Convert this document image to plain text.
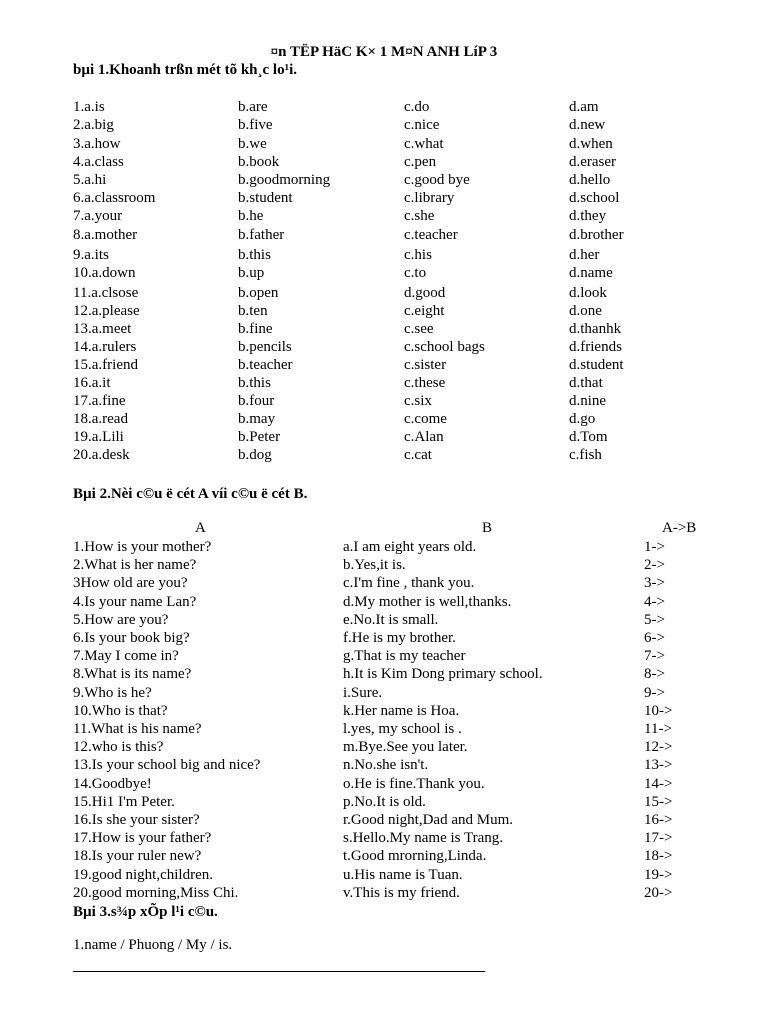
¤n TËP HäC K× 1 M¤N ANH LíP 3
bµi 1.Khoanh trßn mét tõ kh¸c lo¹i.
1.a.is	b.are	c.do	d.am
2.a.big	b.five	c.nice	d.new
3.a.how	b.we	c.what	d.when
4.a.class	b.book	c.pen	d.eraser
5.a.hi	b.goodmorning	c.good bye	d.hello
6.a.classroom	b.student	c.library	d.school
7.a.your	b.he	c.she	d.they
8.a.mother	b.father	c.teacher	d.brother
9.a.its	b.this	c.his	d.her
10.a.down	b.up	c.to	d.name
11.a.clsose	b.open	d.good	d.look
12.a.please	b.ten	c.eight	d.one
13.a.meet	b.fine	c.see	d.thanhk
14.a.rulers	b.pencils	c.school bags	d.friends
15.a.friend	b.teacher	c.sister	d.student
16.a.it	b.this	c.these	d.that
17.a.fine	b.four	c.six	d.nine
18.a.read	b.may	c.come	d.go
19.a.Lili	b.Peter	c.Alan	d.Tom
20.a.desk	b.dog	c.cat	c.fish
Bµi 2.Nèi c©u ë cét A víi c©u ë cét B.
A	B	A->B
1.How is your mother?	a.I am eight years old.	1->
2.What is her name?	b.Yes,it is.	2->
3How old are you?	c.I'm fine , thank you.	3->
4.Is your name Lan?	d.My mother is well,thanks.	4->
5.How are you?	e.No.It is small.	5->
6.Is your book big?	f.He is my brother.	6->
7.May I come in?	g.That is my teacher	7->
8.What is its name?	h.It is Kim Dong primary school.	8->
9.Who is he?	i.Sure.	9->
10.Who is that?	k.Her name is Hoa.	10->
11.What is his name?	l.yes, my school is .	11->
12.who is this?	m.Bye.See you later.	12->
13.Is your school big and nice?	n.No.she isn't.	13->
14.Goodbye!	o.He is fine.Thank you.	14->
15.Hi1 I'm Peter.	p.No.It is old.	15->
16.Is she your sister?	r.Good night,Dad and Mum.	16->
17.How is your father?	s.Hello.My name is Trang.	17->
18.Is your ruler new?	t.Good mrorning,Linda.	18->
19.good night,children.	u.His name is Tuan.	19->
20.good morning,Miss Chi.	v.This is my friend.	20->
Bµi 3.s¾p xÕp l¹i c©u.
1.name / Phuong / My / is.
